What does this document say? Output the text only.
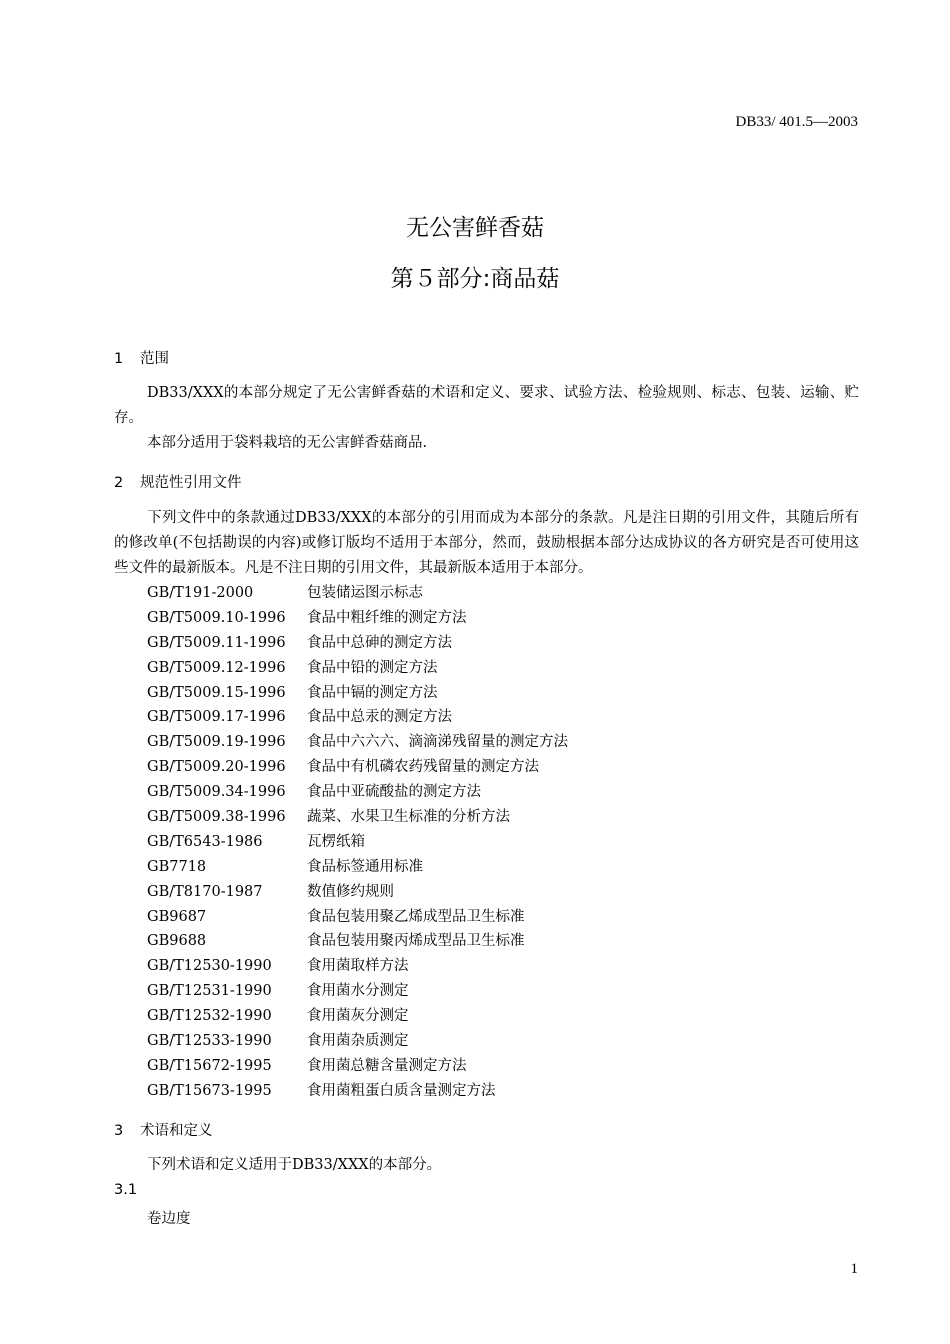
DB33/ 401.5—2003
无公害鲜香菇
第５部分:商品菇
1 范围
DB33/XXX的本部分规定了无公害鲜香菇的术语和定义、要求、试验方法、检验规则、标志、包装、运输、贮存。
本部分适用于袋料栽培的无公害鲜香菇商品.
2 规范性引用文件
下列文件中的条款通过DB33/XXX的本部分的引用而成为本部分的条款。凡是注日期的引用文件，其随后所有的修改单(不包括勘误的内容)或修订版均不适用于本部分，然而，鼓励根据本部分达成协议的各方研究是否可使用这些文件的最新版本。凡是不注日期的引用文件，其最新版本适用于本部分。
GB/T191-2000	包装储运图示标志
GB/T5009.10-1996 食品中粗纤维的测定方法
GB/T5009.11-1996 食品中总砷的测定方法
GB/T5009.12-1996 食品中铅的测定方法
GB/T5009.15-1996 食品中镉的测定方法
GB/T5009.17-1996 食品中总汞的测定方法
GB/T5009.19-1996 食品中六六六、滴滴涕残留量的测定方法
GB/T5009.20-1996 食品中有机磷农药残留量的测定方法
GB/T5009.34-1996 食品中亚硫酸盐的测定方法
GB/T5009.38-1996 蔬菜、水果卫生标准的分析方法
GB/T6543-1986	瓦楞纸箱
GB7718	食品标签通用标准
GB/T8170-1987	数值修约规则
GB9687	食品包装用聚乙烯成型品卫生标准
GB9688	食品包装用聚丙烯成型品卫生标准
GB/T12530-1990 食用菌取样方法
GB/T12531-1990 食用菌水分测定
GB/T12532-1990 食用菌灰分测定
GB/T12533-1990 食用菌杂质测定
GB/T15672-1995 食用菌总糖含量测定方法
GB/T15673-1995 食用菌粗蛋白质含量测定方法
3 术语和定义
下列术语和定义适用于DB33/XXX的本部分。
3.1
卷边度
1
